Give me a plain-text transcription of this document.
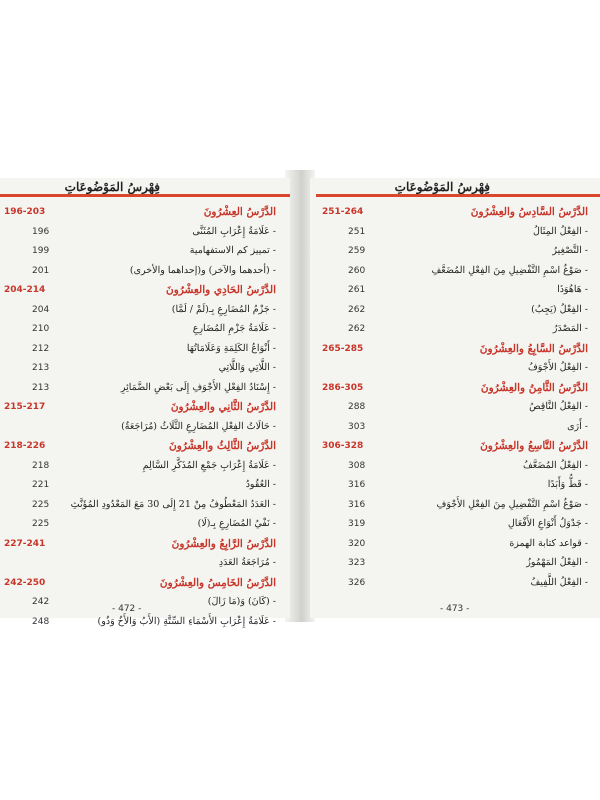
فِهْرِسُ المَوْضُوعَاتِ
196-203	الدَّرْسُ العِشْرُونَ
196	- عَلَامَةُ إِعْرَابِ المُثَنَّى
199	- تمييز كم الاستفهامية
201	- (أحدهما والآخر) و(إحداهما والأخرى)
204-214	الدَّرْسُ الحَادِي والعِشْرُونَ
204	- جَزْمُ المُضَارِعِ بِـ(لَمْ / لَمَّا)
210	- عَلَامَةُ جَزْمِ المُضَارِعِ
212	- أَنْوَاعُ الكَلِمَةِ وَعَلَامَاتُهَا
213	- اللَّاتِي وَاللَّاتِي
213	- إِسْنَادُ الفِعْلِ الأَجْوَفِ إِلَى بَعْضِ الضَّمَائِرِ
215-217	الدَّرْسُ الثَّانِي والعِشْرُونَ
- حَالَاتُ الفِعْلِ المُضَارِعِ الثَّلَاثُ (مُرَاجَعَةٌ)
218-226	الدَّرْسُ الثَّالِثُ والعِشْرُونَ
218	- عَلَامَةُ إِعْرَابِ جَمْعِ المُذَكَّرِ السَّالِمِ
221	- العُقُودُ
225 - العَدَدُ المَعْطُوفُ مِنْ 21 إِلَى 30 مَعَ المَعْدُودِ المُؤَنَّثِ
225	- نَفْيُ المُضَارِعِ بِـ(لَا)
227-241	الدَّرْسُ الرَّابِعُ والعِشْرُونَ
- مُرَاجَعَةُ العَدَدِ
242-250	الدَّرْسُ الخَامِسُ والعِشْرُونَ
242	- (كَانَ) وَ(مَا زَالَ)
248	- عَلَامَةُ إِعْرَابِ الأَسْمَاءِ السِّتَّةِ (الأَبُ وَالأَخُ وَذُو)
- 472 -
فِهْرِسُ المَوْضُوعَاتِ
251-264	الدَّرْسُ السَّادِسُ والعِشْرُونَ
251	- الفِعْلُ المِثَالُ
259	- التَّصْغِيرُ
260	- صَوْغُ اسْمِ التَّفْضِيلِ مِنَ الفِعْلِ المُضَعَّفِ
261	- هَاهُوَذَا
262	- الفِعْلُ (يَجِبُ)
262	- المَصْدَرُ
265-285	الدَّرْسُ السَّابِعُ والعِشْرُونَ
- الفِعْلُ الأَجْوَفُ
286-305	الدَّرْسُ الثَّامِنُ والعِشْرُونَ
288	- الفِعْلُ النَّاقِصُ
303	- أَرَى
306-328	الدَّرْسُ التَّاسِعُ والعِشْرُونَ
308	- الفِعْلُ المُضَعَّفُ
316	- قَطُّ وَأَبَدًا
316	- صَوْغُ اسْمِ التَّفْضِيلِ مِنَ الفِعْلِ الأَجْوَفِ
319	- جَدْوَلُ أَنْوَاعِ الأَفْعَالِ
320	- قواعد كتابة الهمزة
323	- الفِعْلُ المَهْمُوزُ
326	- الفِعْلُ اللَّفِيفُ
- 473 -
